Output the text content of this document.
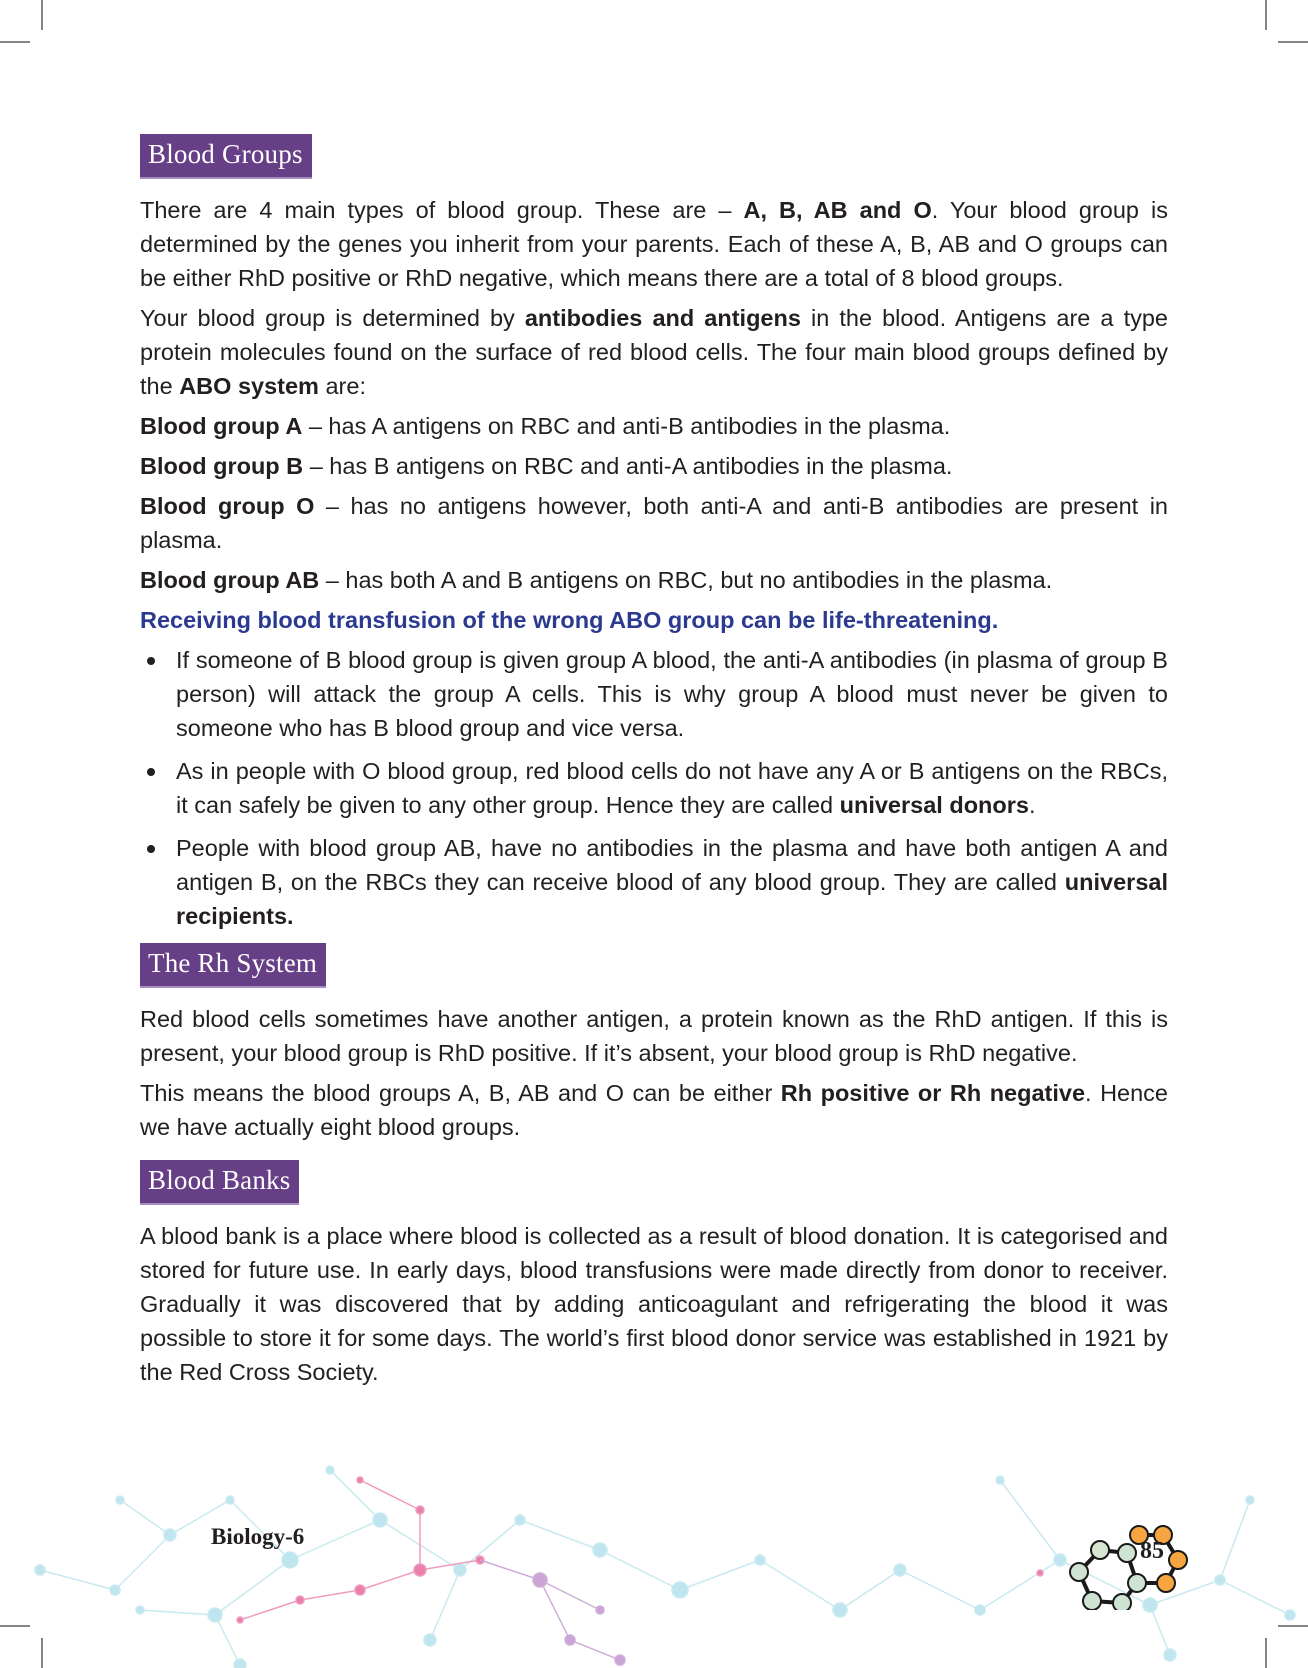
Blood Groups

There are 4 main types of blood group. These are – A, B, AB and O. Your blood group is determined by the genes you inherit from your parents. Each of these A, B, AB and O groups can be either RhD positive or RhD negative, which means there are a total of 8 blood groups.

Your blood group is determined by antibodies and antigens in the blood. Antigens are a type protein molecules found on the surface of red blood cells. The four main blood groups defined by the ABO system are:

Blood group A – has A antigens on RBC and anti-B antibodies in the plasma.

Blood group B – has B antigens on RBC and anti-A antibodies in the plasma.

Blood group O – has no antigens however, both anti-A and anti-B antibodies are present in plasma.

Blood group AB – has both A and B antigens on RBC, but no antibodies in the plasma.

Receiving blood transfusion of the wrong ABO group can be life-threatening.

If someone of B blood group is given group A blood, the anti-A antibodies (in plasma of group B person) will attack the group A cells. This is why group A blood must never be given to someone who has B blood group and vice versa.
As in people with O blood group, red blood cells do not have any A or B antigens on the RBCs, it can safely be given to any other group. Hence they are called universal donors.
People with blood group AB, have no antibodies in the plasma and have both antigen A and antigen B, on the RBCs they can receive blood of any blood group. They are called universal recipients.
The Rh System

Red blood cells sometimes have another antigen, a protein known as the RhD antigen. If this is present, your blood group is RhD positive. If it’s absent, your blood group is RhD negative.

This means the blood groups A, B, AB and O can be either Rh positive or Rh negative. Hence we have actually eight blood groups.

Blood Banks

A blood bank is a place where blood is collected as a result of blood donation. It is categorised and stored for future use. In early days, blood transfusions were made directly from donor to receiver. Gradually it was discovered that by adding anticoagulant and refrigerating the blood it was possible to store it for some days. The world’s first blood donor service was established in 1921 by the Red Cross Society.

Biology-6
85
